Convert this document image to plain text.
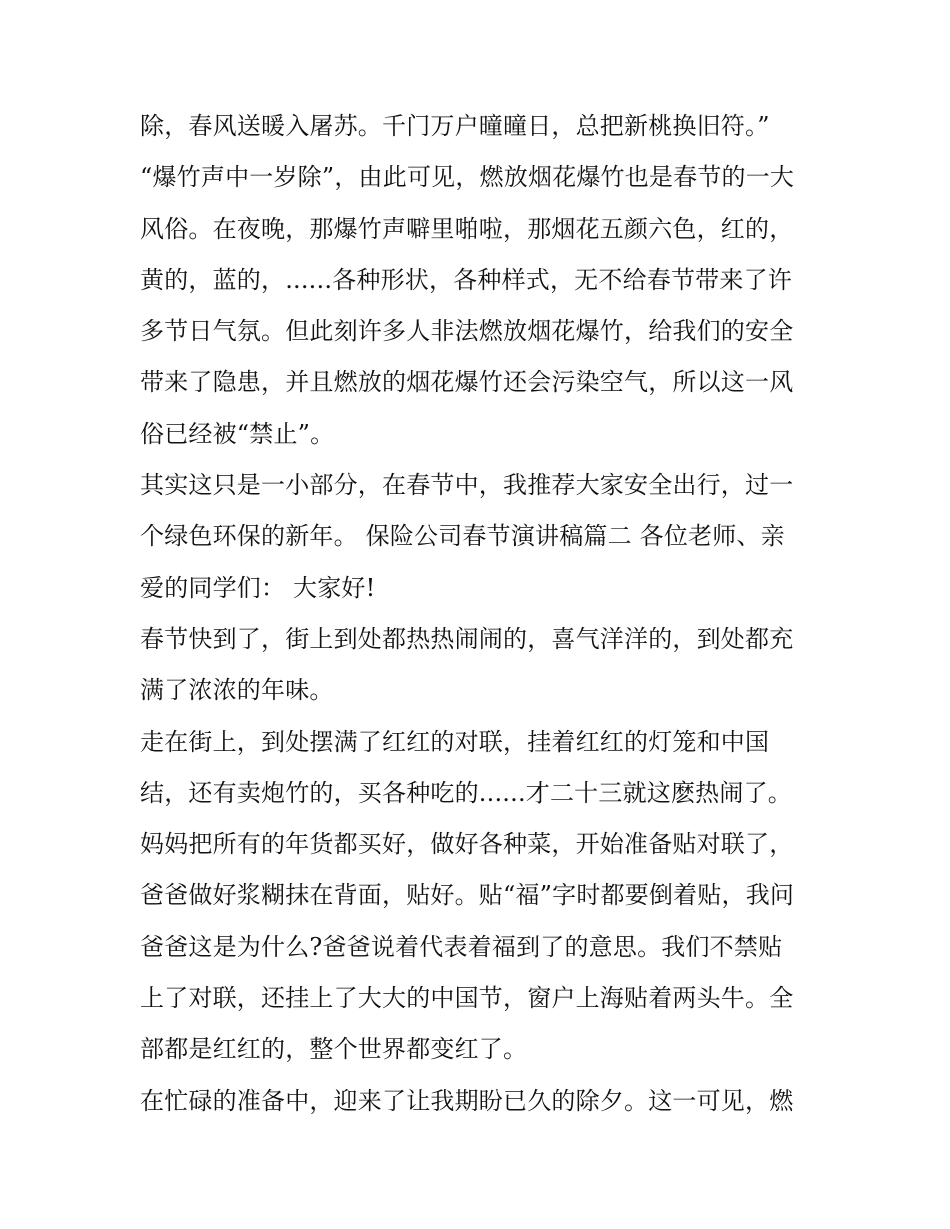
除，春风送暖入屠苏。千门万户曈曈日，总把新桃换旧符。”
“爆竹声中一岁除”，由此可见，燃放烟花爆竹也是春节的一大
风俗。在夜晚，那爆竹声噼里啪啦，那烟花五颜六色，红的，
黄的，蓝的，......各种形状，各种样式，无不给春节带来了许
多节日气氛。但此刻许多人非法燃放烟花爆竹，给我们的安全
带来了隐患，并且燃放的烟花爆竹还会污染空气，所以这一风
俗已经被“禁止”。
其实这只是一小部分，在春节中，我推荐大家安全出行，过一
个绿色环保的新年。 保险公司春节演讲稿篇二 各位老师、亲
爱的同学们： 大家好!
春节快到了，街上到处都热热闹闹的，喜气洋洋的，到处都充
满了浓浓的年味。
走在街上，到处摆满了红红的对联，挂着红红的灯笼和中国
结，还有卖炮竹的，买各种吃的......才二十三就这麽热闹了。
妈妈把所有的年货都买好，做好各种菜，开始准备贴对联了，
爸爸做好浆糊抹在背面，贴好。贴“福”字时都要倒着贴，我问
爸爸这是为什么?爸爸说着代表着福到了的意思。我们不禁贴
上了对联，还挂上了大大的中国节，窗户上海贴着两头牛。全
部都是红红的，整个世界都变红了。
在忙碌的准备中，迎来了让我期盼已久的除夕。这一可见，燃
